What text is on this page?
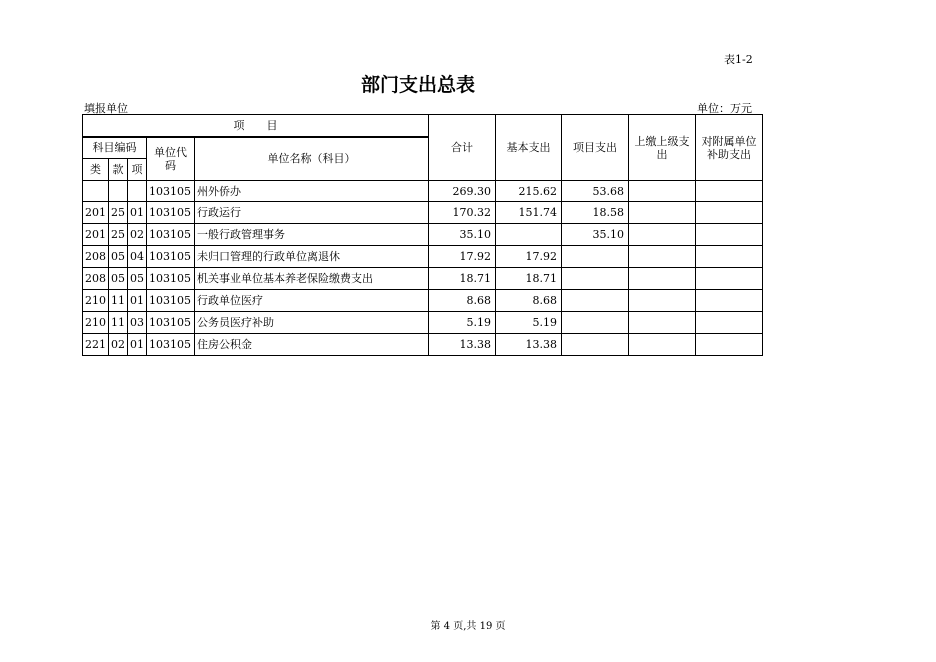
表1-2
部门支出总表
填报单位	单位：万元
项　　目					合计	基本支出	项目支出	上缴上级支出	对附属单位补助支出
科目编码			单位代码	单位名称（科目）					
类	款	项							
			103105	州外侨办	269.30	215.62	53.68		
201	25	01	103105	行政运行	170.32	151.74	18.58		
201	25	02	103105	一般行政管理事务	35.10		35.10		
208	05	04	103105	未归口管理的行政单位离退休	17.92	17.92			
208	05	05	103105	机关事业单位基本养老保险缴费支出	18.71	18.71			
210	11	01	103105	行政单位医疗	8.68	8.68			
210	11	03	103105	公务员医疗补助	5.19	5.19			
221	02	01	103105	住房公积金	13.38	13.38			
第 4 页,共 19 页
